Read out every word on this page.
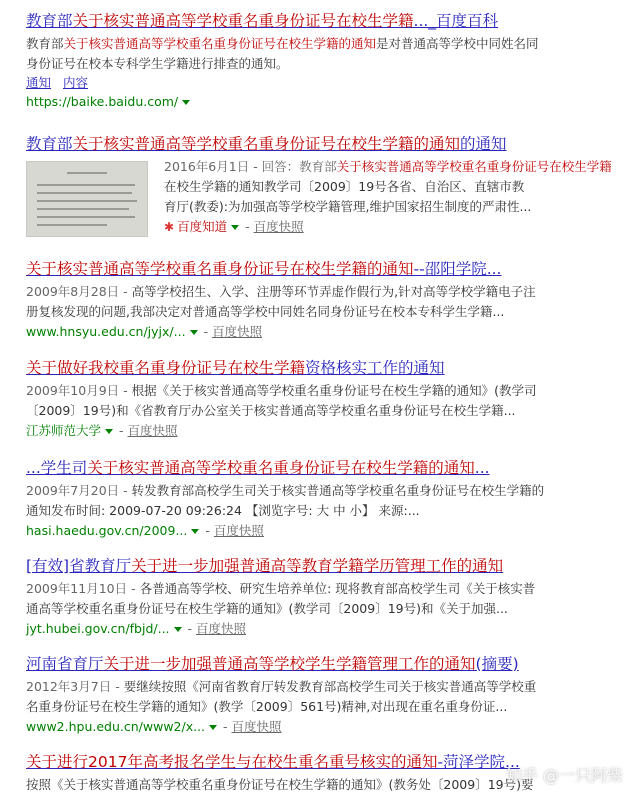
教育部关于核实普通高等学校重名重身份证号在校生学籍..._百度百科
教育部关于核实普通高等学校重名重身份证号在校生学籍的通知是对普通高等学校中同姓名同
身份证号在校本专科学生学籍进行排查的通知。
通知 内容
https://baike.baidu.com/
教育部关于核实普通高等学校重名重身份证号在校生学籍的通知的通知
2016年6月1日 - 回答：教育部关于核实普通高等学校重名重身份证号在校生学籍
在校生学籍的通知教学司〔2009〕19号各省、自治区、直辖市教
育厅(教委):为加强高等学校学籍管理,维护国家招生制度的严肃性...
✱ 百度知道 - 百度快照
关于核实普通高等学校重名重身份证号在校生学籍的通知--邵阳学院...
2009年8月28日 - 高等学校招生、入学、注册等环节弄虚作假行为,针对高等学校学籍电子注
册复核发现的问题,我部决定对普通高等学校中同姓名同身份证号在校本专科学生学籍...
www.hnsyu.edu.cn/jyjx/... - 百度快照
关于做好我校重名重身份证号在校生学籍资格核实工作的通知
2009年10月9日 - 根据《关于核实普通高等学校重名重身份证号在校生学籍的通知》(教学司
〔2009〕19号)和《省教育厅办公室关于核实普通高等学校重名重身份证号在校生学籍...
江苏师范大学 - 百度快照
...学生司关于核实普通高等学校重名重身份证号在校生学籍的通知...
2009年7月20日 - 转发教育部高校学生司关于核实普通高等学校重名重身份证号在校生学籍的
通知发布时间: 2009-07-20 09:26:24 【浏览字号: 大 中 小】 来源:...
hasi.haedu.gov.cn/2009... - 百度快照
[有效]省教育厅关于进一步加强普通高等教育学籍学历管理工作的通知
2009年11月10日 - 各普通高等学校、研究生培养单位: 现将教育部高校学生司《关于核实普
通高等学校重名重身份证号在校生学籍的通知》(教学司〔2009〕19号)和《关于加强...
jyt.hubei.gov.cn/fbjd/... - 百度快照
河南省育厅关于进一步加强普通高等学校学生学籍管理工作的通知(摘要)
2012年3月7日 - 要继续按照《河南省教育厅转发教育部高校学生司关于核实普通高等学校重
名重身份证号在校生学籍的通知》(教学〔2009〕561号)精神,对出现在重名重身份证...
www2.hpu.edu.cn/www2/x... - 百度快照
关于进行2017年高考报名学生与在校生重名重号核实的通知-菏泽学院...
按照《关于核实普通高等学校重名重身份证号在校生学籍的通知》(教务处〔2009〕19号)要
知乎 @一只阿柴
